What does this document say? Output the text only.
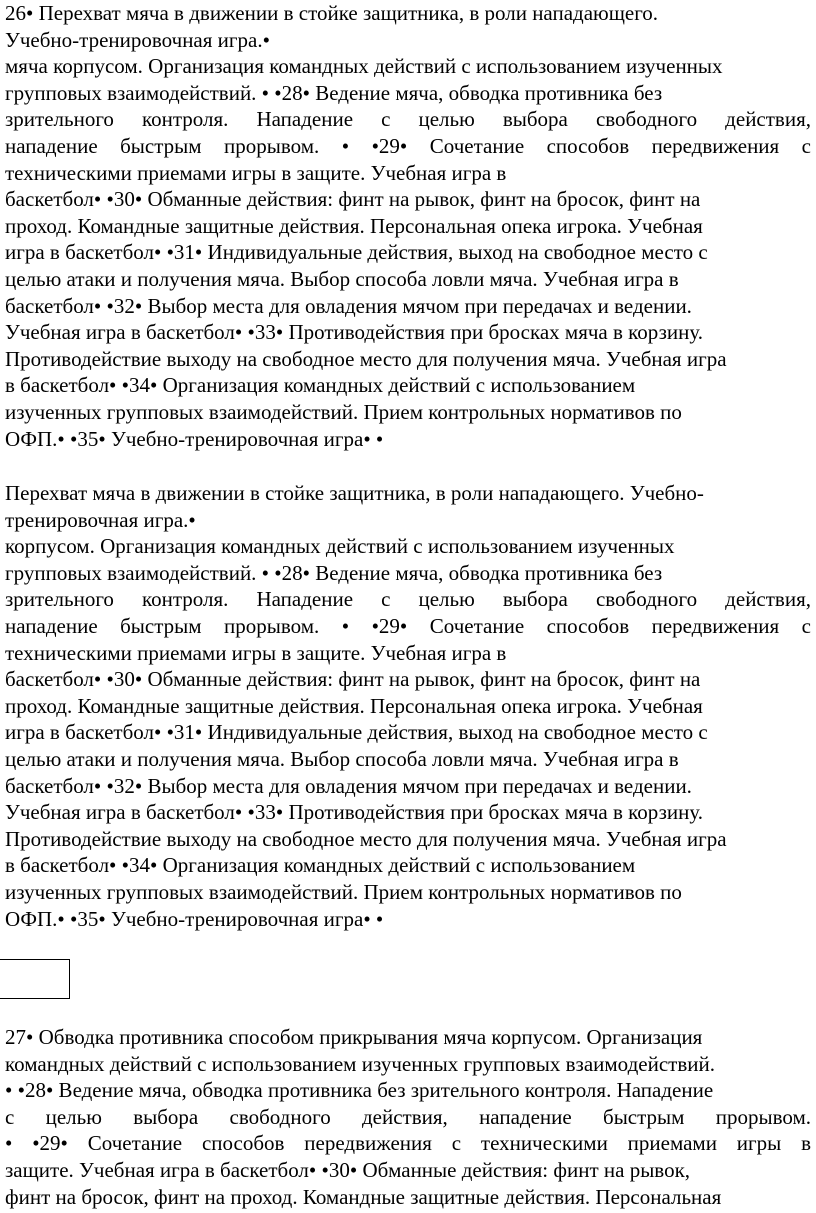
26• Перехват мяча в движении в стойке защитника, в роли нападающего.
Учебно-тренировочная игра.•
мяча корпусом. Организация командных действий с использованием изученных
групповых взаимодействий. • •28• Ведение мяча, обводка противника без
зрительного контроля. Нападение с целью выбора свободного действия,
нападение быстрым прорывом. • •29• Сочетание способов передвижения с
техническими приемами игры в защите. Учебная игра в
баскетбол• •30• Обманные действия: финт на рывок, финт на бросок, финт на
проход. Командные защитные действия. Персональная опека игрока. Учебная
игра в баскетбол• •31• Индивидуальные действия, выход на свободное место с
целью атаки и получения мяча. Выбор способа ловли мяча. Учебная игра в
баскетбол• •32• Выбор места для овладения мячом при передачах и ведении.
Учебная игра в баскетбол• •33• Противодействия при бросках мяча в корзину.
Противодействие выходу на свободное место для получения мяча. Учебная игра
в баскетбол• •34• Организация командных действий с использованием
изученных групповых взаимодействий. Прием контрольных нормативов по
ОФП.• •35• Учебно-тренировочная игра• •
Перехват мяча в движении в стойке защитника, в роли нападающего. Учебно-
тренировочная игра.•
корпусом. Организация командных действий с использованием изученных
групповых взаимодействий. • •28• Ведение мяча, обводка противника без
зрительного контроля. Нападение с целью выбора свободного действия,
нападение быстрым прорывом. • •29• Сочетание способов передвижения с
техническими приемами игры в защите. Учебная игра в
баскетбол• •30• Обманные действия: финт на рывок, финт на бросок, финт на
проход. Командные защитные действия. Персональная опека игрока. Учебная
игра в баскетбол• •31• Индивидуальные действия, выход на свободное место с
целью атаки и получения мяча. Выбор способа ловли мяча. Учебная игра в
баскетбол• •32• Выбор места для овладения мячом при передачах и ведении.
Учебная игра в баскетбол• •33• Противодействия при бросках мяча в корзину.
Противодействие выходу на свободное место для получения мяча. Учебная игра
в баскетбол• •34• Организация командных действий с использованием
изученных групповых взаимодействий. Прием контрольных нормативов по
ОФП.• •35• Учебно-тренировочная игра• •
27• Обводка противника способом прикрывания мяча корпусом. Организация
командных действий с использованием изученных групповых взаимодействий.
• •28• Ведение мяча, обводка противника без зрительного контроля. Нападение
с целью выбора свободного действия, нападение быстрым прорывом.
• •29• Сочетание способов передвижения с техническими приемами игры в
защите. Учебная игра в баскетбол• •30• Обманные действия: финт на рывок,
финт на бросок, финт на проход. Командные защитные действия. Персональная
